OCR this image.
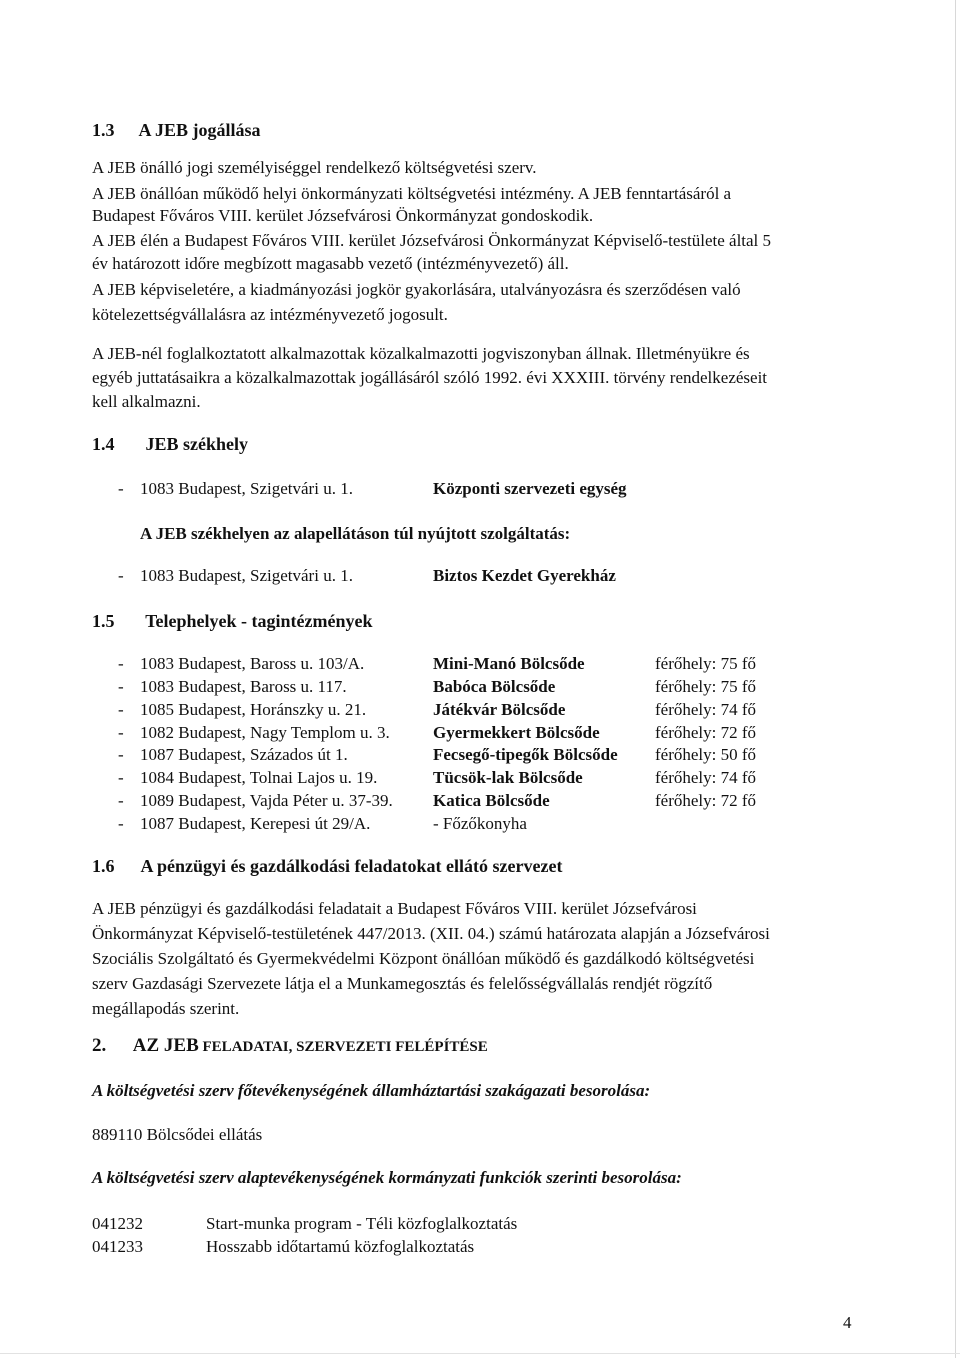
1.3 A JEB jogállása
A JEB önálló jogi személyiséggel rendelkező költségvetési szerv.
A JEB önállóan működő helyi önkormányzati költségvetési intézmény. A JEB fenntartásáról a
Budapest Főváros VIII. kerület Józsefvárosi Önkormányzat gondoskodik.
A JEB élén a Budapest Főváros VIII. kerület Józsefvárosi Önkormányzat Képviselő-testülete által 5
év határozott időre megbízott magasabb vezető (intézményvezető) áll.
A JEB képviseletére, a kiadmányozási jogkör gyakorlására, utalványozásra és szerződésen való
kötelezettségvállalásra az intézményvezető jogosult.
A JEB-nél foglalkoztatott alkalmazottak közalkalmazotti jogviszonyban állnak. Illetményükre és
egyéb juttatásaikra a közalkalmazottak jogállásáról szóló 1992. évi XXXIII. törvény rendelkezéseit
kell alkalmazni.
1.4 JEB székhely
- 1083 Budapest, Szigetvári u. 1.	Központi szervezeti egység
A JEB székhelyen az alapellátáson túl nyújtott szolgáltatás:
- 1083 Budapest, Szigetvári u. 1.	Biztos Kezdet Gyerekház
1.5 Telephelyek - tagintézmények
- 1083 Budapest, Baross u. 103/A.	Mini-Manó Bölcsőde	férőhely: 75 fő
- 1083 Budapest, Baross u. 117.	Babóca Bölcsőde	férőhely: 75 fő
- 1085 Budapest, Horánszky u. 21.	Játékvár Bölcsőde	férőhely: 74 fő
- 1082 Budapest, Nagy Templom u. 3.	Gyermekkert Bölcsőde	férőhely: 72 fő
- 1087 Budapest, Százados út 1.	Fecsegő-tipegők Bölcsőde férőhely: 50 fő
- 1084 Budapest, Tolnai Lajos u. 19.	Tücsök-lak Bölcsőde	férőhely: 74 fő
- 1089 Budapest, Vajda Péter u. 37-39. Katica Bölcsőde	férőhely: 72 fő
- 1087 Budapest, Kerepesi út 29/A.	- Főzőkonyha
1.6 A pénzügyi és gazdálkodási feladatokat ellátó szervezet
A JEB pénzügyi és gazdálkodási feladatait a Budapest Főváros VIII. kerület Józsefvárosi
Önkormányzat Képviselő-testületének 447/2013. (XII. 04.) számú határozata alapján a Józsefvárosi
Szociális Szolgáltató és Gyermekvédelmi Központ önállóan működő és gazdálkodó költségvetési
szerv Gazdasági Szervezete látja el a Munkamegosztás és felelősségvállalás rendjét rögzítő
megállapodás szerint.
2. AZ JEB FELADATAI, SZERVEZETI FELÉPÍTÉSE
A költségvetési szerv főtevékenységének államháztartási szakágazati besorolása:
889110 Bölcsődei ellátás
A költségvetési szerv alaptevékenységének kormányzati funkciók szerinti besorolása:
041232	Start-munka program - Téli közfoglalkoztatás
041233	Hosszabb időtartamú közfoglalkoztatás
4
